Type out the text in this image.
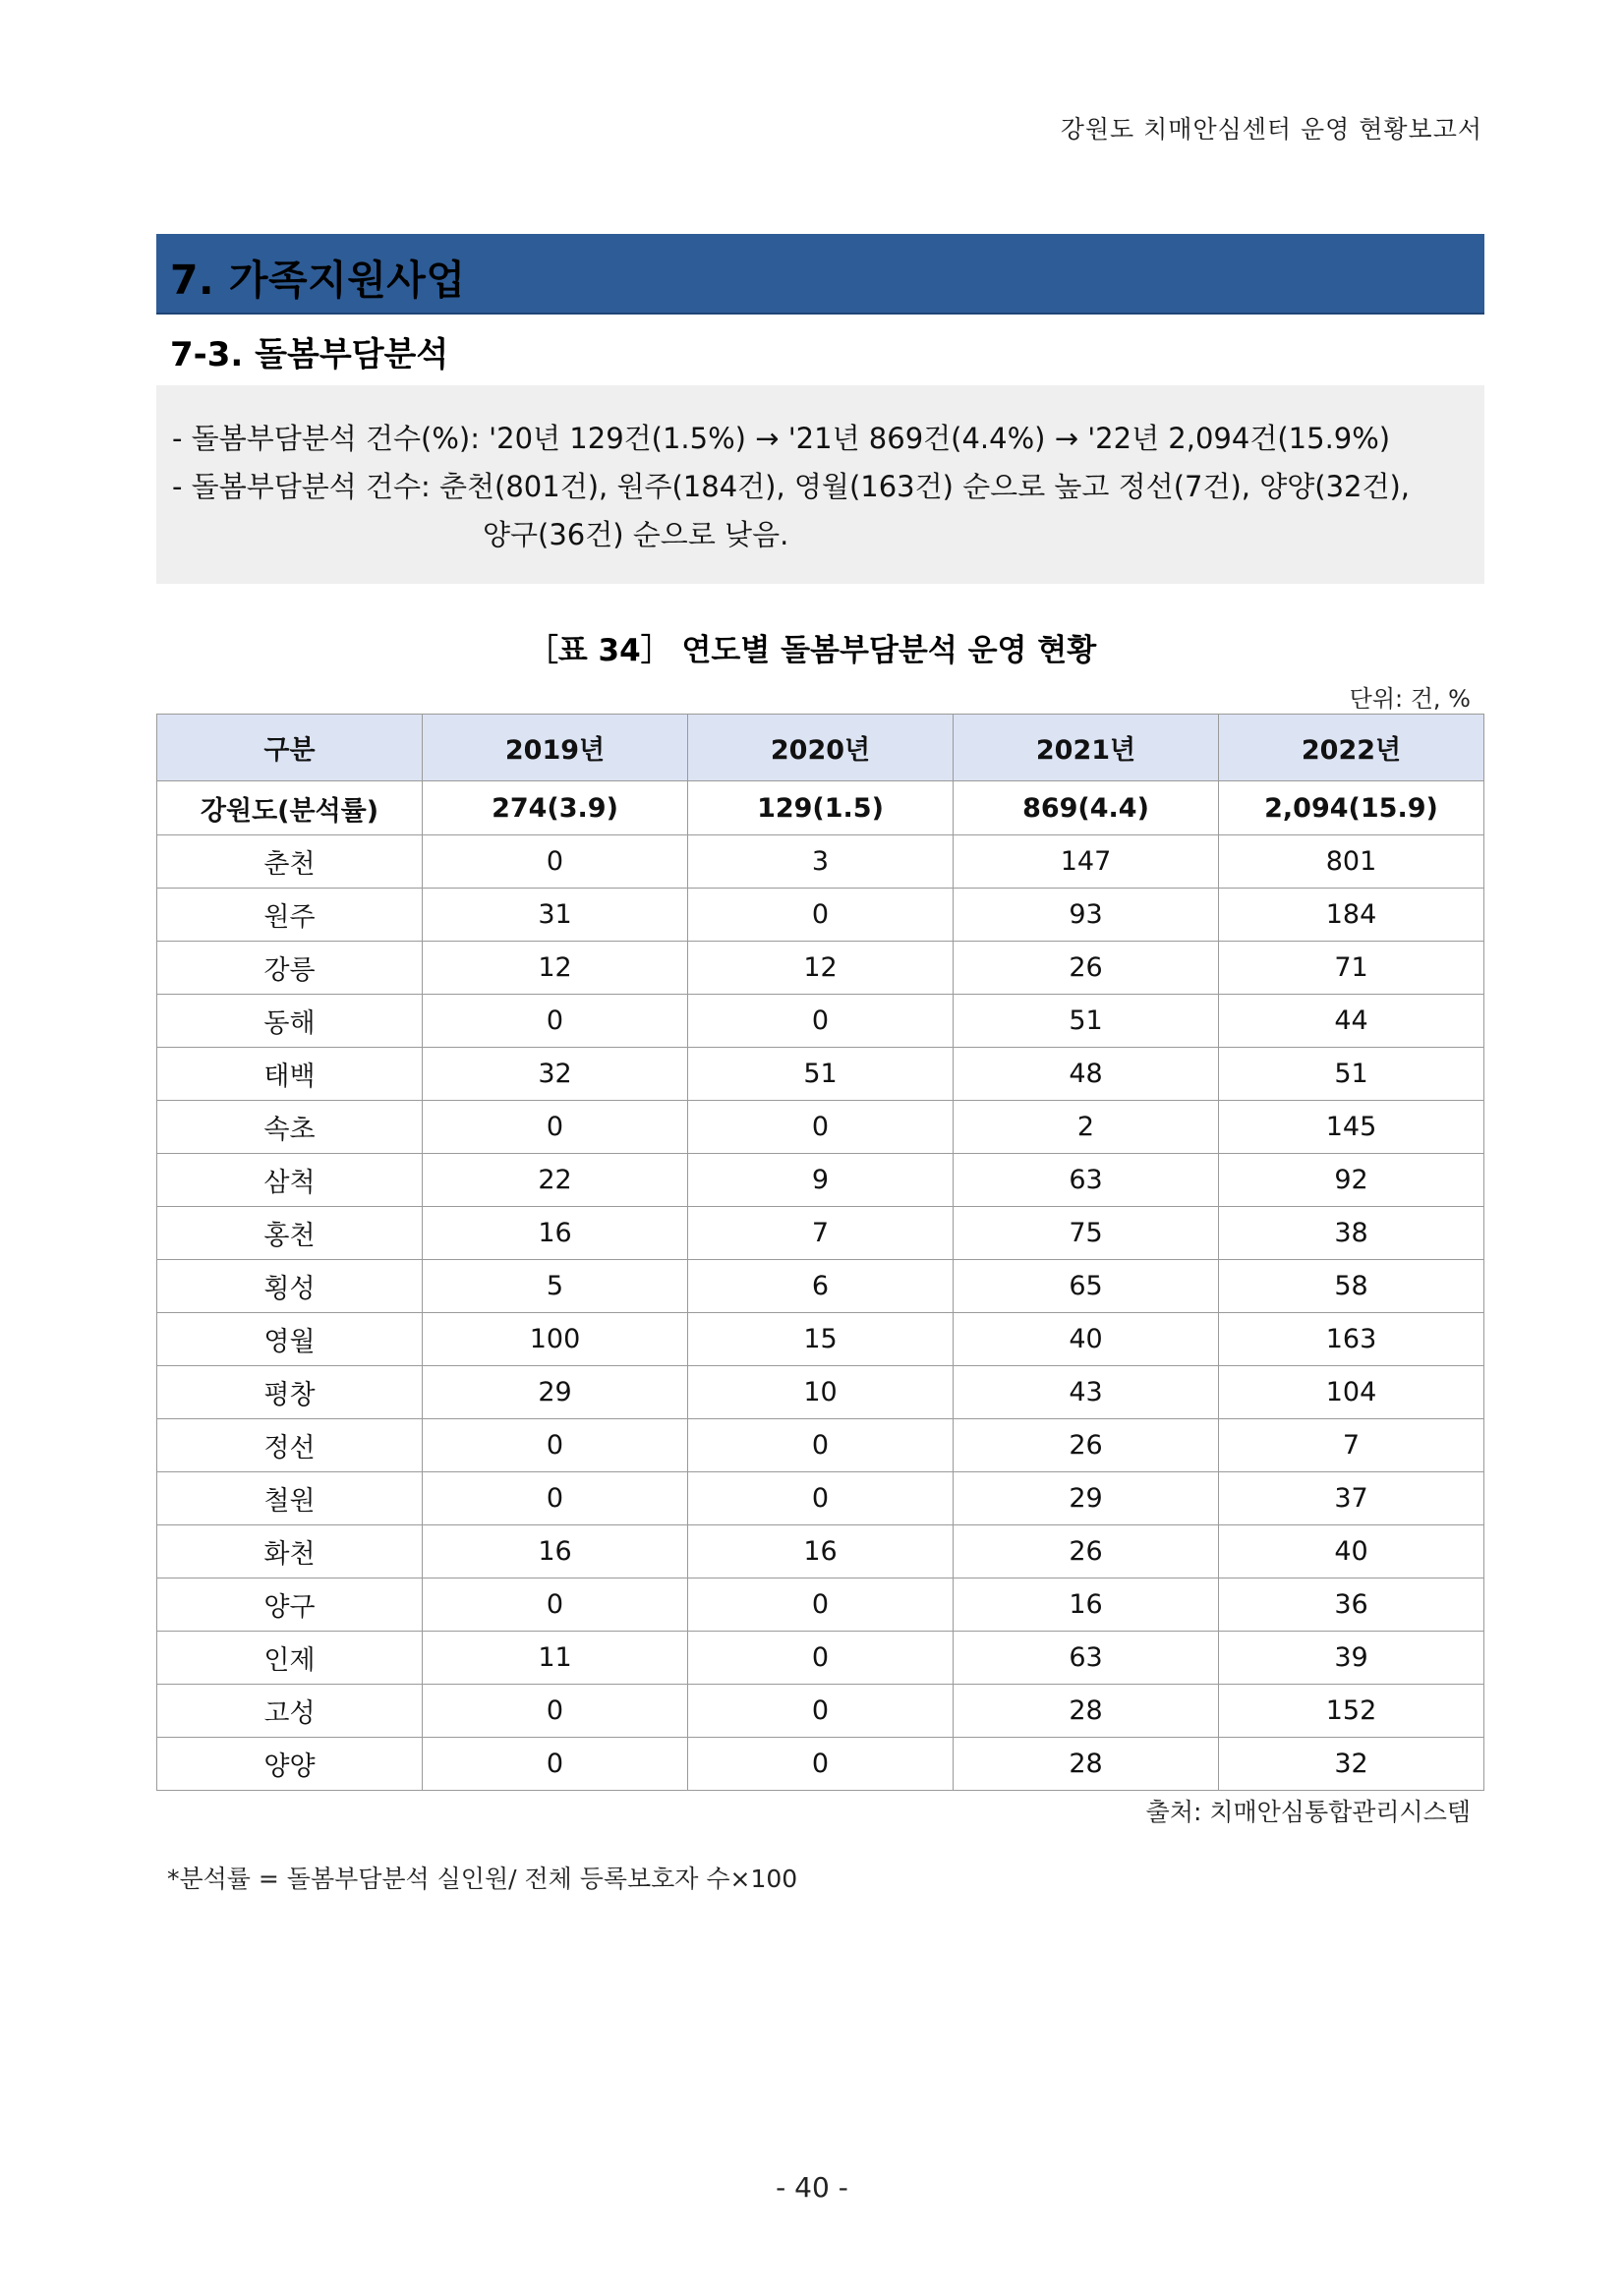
강원도 치매안심센터 운영 현황보고서
7. 가족지원사업
7-3. 돌봄부담분석
- 돌봄부담분석 건수(%): '20년 129건(1.5%) → '21년 869건(4.4%) → '22년 2,094건(15.9%)
- 돌봄부담분석 건수: 춘천(801건), 원주(184건), 영월(163건) 순으로 높고 정선(7건), 양양(32건),
양구(36건) 순으로 낮음.
［표 34］ 연도별 돌봄부담분석 운영 현황
단위: 건, %
구분	2019년	2020년	2021년	2022년
강원도(분석률)	274(3.9)	129(1.5)	869(4.4)	2,094(15.9)
춘천	0	3	147	801
원주	31	0	93	184
강릉	12	12	26	71
동해	0	0	51	44
태백	32	51	48	51
속초	0	0	2	145
삼척	22	9	63	92
홍천	16	7	75	38
횡성	5	6	65	58
영월	100	15	40	163
평창	29	10	43	104
정선	0	0	26	7
철원	0	0	29	37
화천	16	16	26	40
양구	0	0	16	36
인제	11	0	63	39
고성	0	0	28	152
양양	0	0	28	32
출처: 치매안심통합관리시스템
*분석률 = 돌봄부담분석 실인원/ 전체 등록보호자 수×100
- 40 -
